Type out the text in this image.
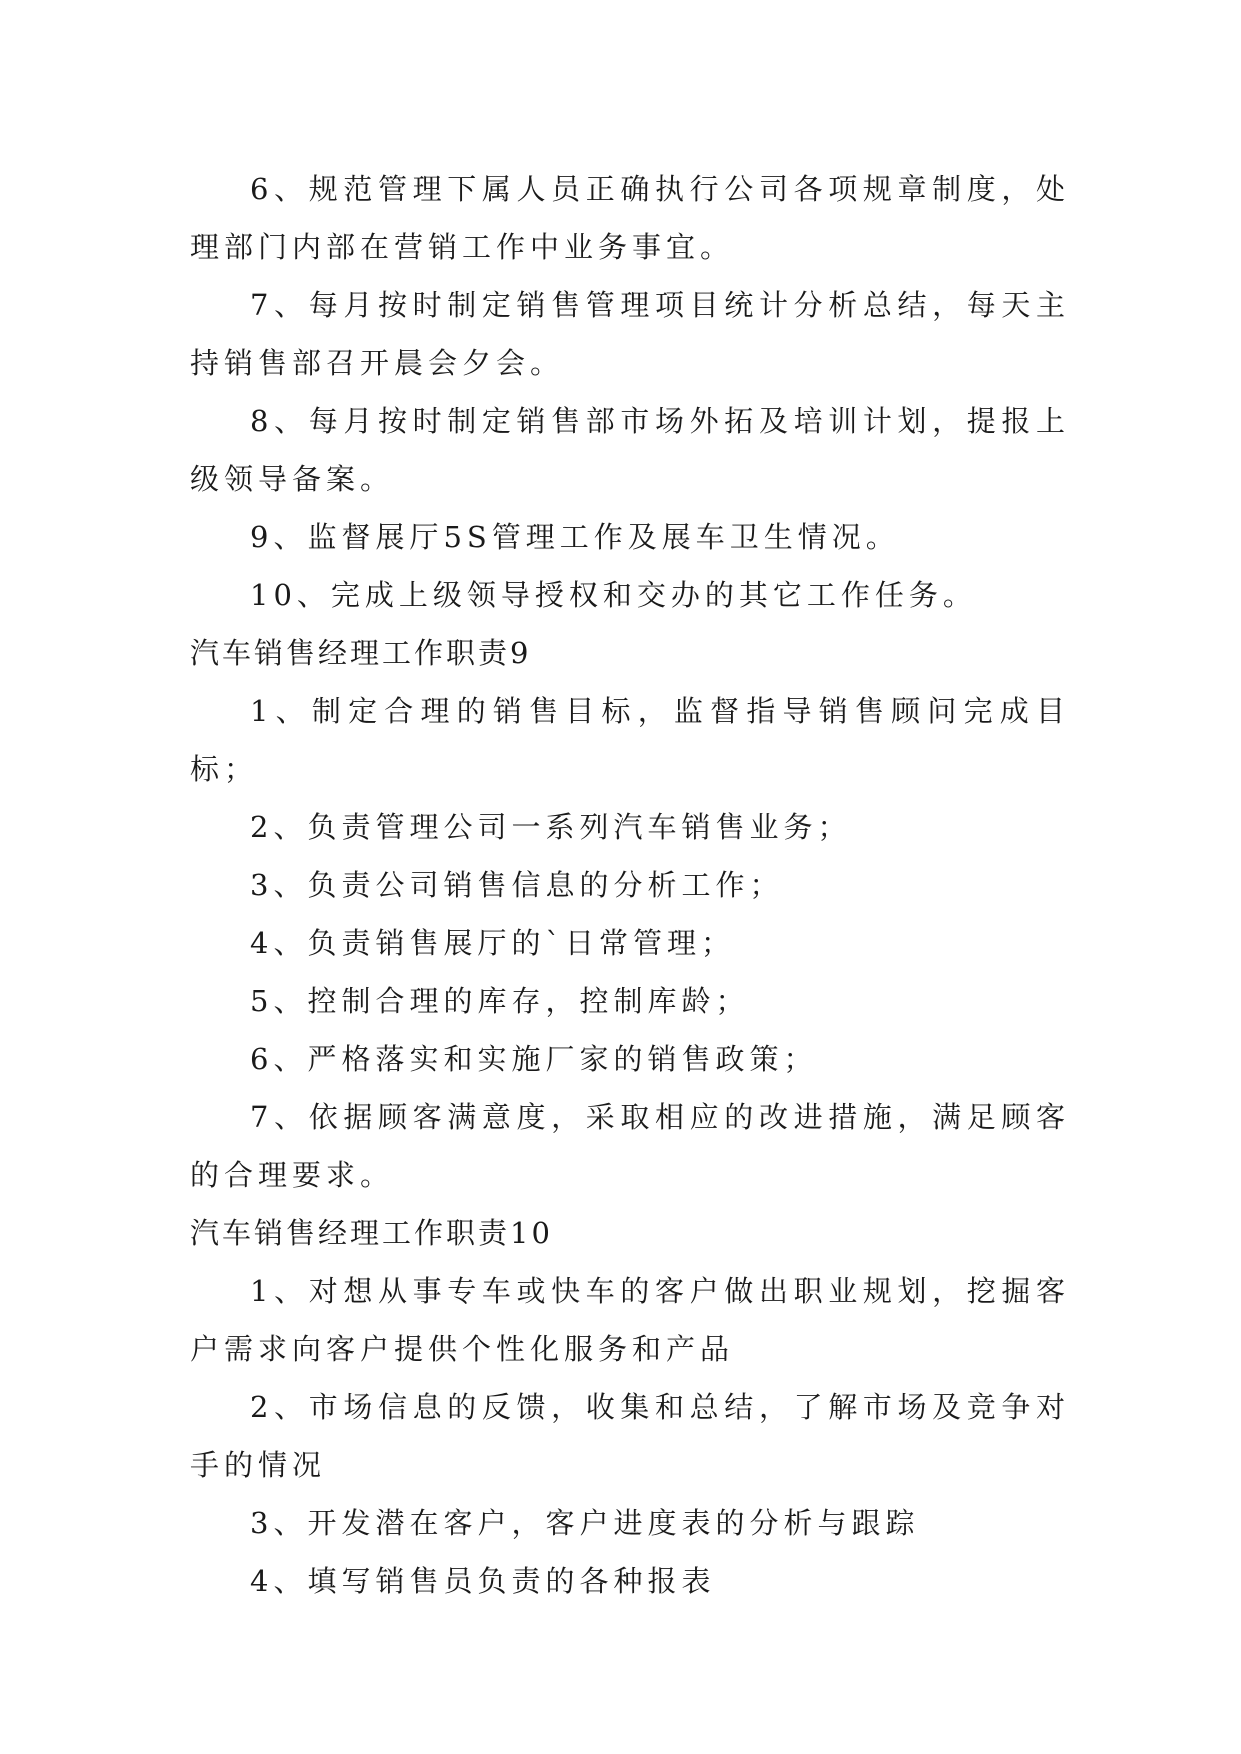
6、规范管理下属人员正确执行公司各项规章制度，处理部门内部在营销工作中业务事宜。

7、每月按时制定销售管理项目统计分析总结，每天主持销售部召开晨会夕会。

8、每月按时制定销售部市场外拓及培训计划，提报上级领导备案。

9、监督展厅5S管理工作及展车卫生情况。

10、完成上级领导授权和交办的其它工作任务。

汽车销售经理工作职责9

1、制定合理的销售目标，监督指导销售顾问完成目标；

2、负责管理公司一系列汽车销售业务；

3、负责公司销售信息的分析工作；

4、负责销售展厅的`日常管理；

5、控制合理的库存，控制库龄；

6、严格落实和实施厂家的销售政策；

7、依据顾客满意度，采取相应的改进措施，满足顾客的合理要求。

汽车销售经理工作职责10

1、对想从事专车或快车的客户做出职业规划，挖掘客户需求向客户提供个性化服务和产品

2、市场信息的反馈，收集和总结，了解市场及竞争对手的情况

3、开发潜在客户，客户进度表的分析与跟踪

4、填写销售员负责的各种报表
